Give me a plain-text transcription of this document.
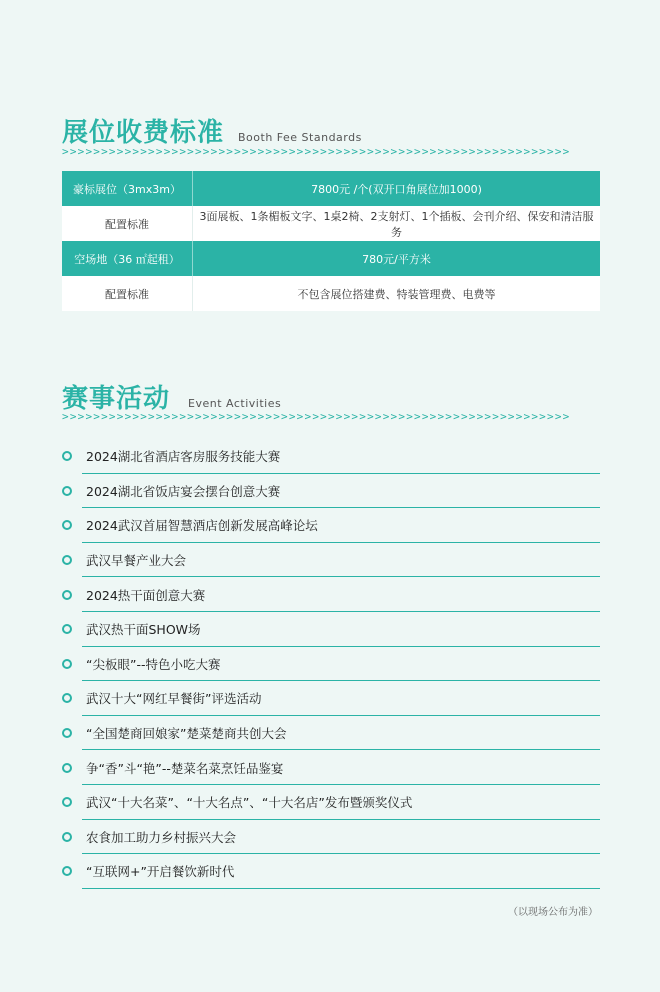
展位收费标准 Booth Fee Standards
>>>>>>>>>>>>>>>>>>>>>>>>>>>>>>>>>>>>>>>>>>>>>>>>>>>>>>>>>>>>>>>>>
豪标展位（3mx3m）	7800元 /个(双开口角展位加1000)
配置标准	3面展板、1条楣板文字、1桌2椅、2支射灯、1个插板、会刊介绍、保安和清洁服务
空场地（36 ㎡起租）	780元/平方米
配置标准	不包含展位搭建费、特装管理费、电费等
赛事活动 Event Activities
>>>>>>>>>>>>>>>>>>>>>>>>>>>>>>>>>>>>>>>>>>>>>>>>>>>>>>>>>>>>>>>>>
2024湖北省酒店客房服务技能大赛
2024湖北省饭店宴会摆台创意大赛
2024武汉首届智慧酒店创新发展高峰论坛
武汉早餐产业大会
2024热干面创意大赛
武汉热干面SHOW场
“尖板眼”--特色小吃大赛
武汉十大“网红早餐街”评选活动
“全国楚商回娘家”楚菜楚商共创大会
争“香”斗“艳”--楚菜名菜烹饪品鉴宴
武汉“十大名菜”、“十大名点”、“十大名店”发布暨颁奖仪式
农食加工助力乡村振兴大会
“互联网+”开启餐饮新时代
（以现场公布为准）
